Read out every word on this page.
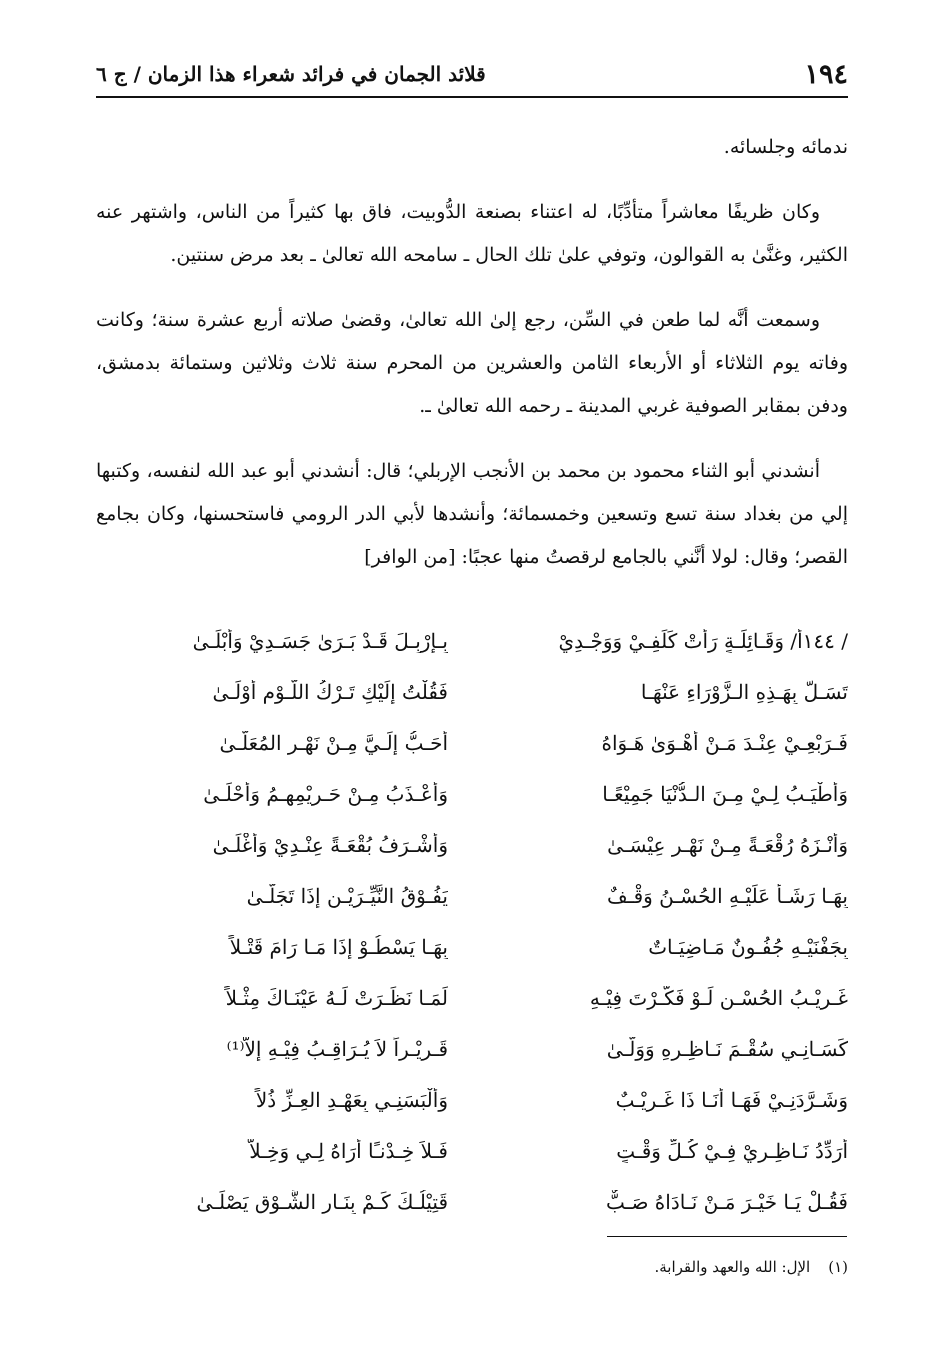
١٩٤
قلائد الجمان في فرائد شعراء هذا الزمان / ج ٦

ندمائه وجلسائه.

وكان ظريفًا معاشراً متأدِّبًا، له اعتناء بصنعة الدُّوبيت، فاق بها كثيراً من الناس، واشتهر عنه الكثير، وغنَّىٰ به القوالون، وتوفي علىٰ تلك الحال ـ سامحه الله تعالىٰ ـ بعد مرض سنتين.

وسمعت أنَّه لما طعن في السِّن، رجع إلىٰ الله تعالىٰ، وقضىٰ صلاته أربع عشرة سنة؛ وكانت وفاته يوم الثلاثاء أو الأربعاء الثامن والعشرين من المحرم سنة ثلاث وثلاثين وستمائة بدمشق، ودفن بمقابر الصوفية غربي المدينة ـ رحمه الله تعالىٰ ـ.

أنشدني أبو الثناء محمود بن محمد بن الأنجب الإربلي؛ قال: أنشدني أبو عبد الله لنفسه، وكتبها إلي من بغداد سنة تسع وتسعين وخمسمائة؛ وأنشدها لأبي الدر الرومي فاستحسنها، وكان بجامع القصر؛ وقال: لولا أنَّني بالجامع لرقصتُ منها عجبًا: [من الوافر]

/ ١٤٤أ/ وَقَـائِلَـةٍ رَأَتْ كَلَفِـيْ وَوَجْـدِيْ
بِـإِرْبِـلَ قَـدْ بَـرَىٰ جَسَـدِيْ وَأَبْلَـىٰ
تَسَـلَّ بِهَـذِهِ الـزَّوْرَاءِ عَنْهَـا
فَقُلْتُ إِلَيْكِ تَـرْكُ اللَّـوْمِ أَوْلَـىٰ
فَـرَبْعِـيْ عِنْـدَ مَـنْ أَهْـوَىٰ هَـوَاهُ
أَحَـبُّ إِلَـيَّ مِـنْ نَهْـرِ المُعَلَّـىٰ
وَأَطْيَـبُ لِـيْ مِـنَ الـدُّنْيَا جَمِيْعًـا
وَأَعْـذَبُ مِـنْ حَـرِيْمِهِـمُ وَأَحْلَـىٰ
وَأَنْـزَهُ رُقْعَـةً مِـنْ نَهْـرِ عِيْسَـىٰ
وَأَشْـرَفُ بُقْعَـةً عِنْـدِيْ وَأَغْلَـىٰ
بِهَـا رَشَـأٌ عَلَيْـهِ الحُسْـنُ وَقْـفٌ
يَفُـوْقُ النَّيِّـرَيْـنِ إِذَا تَجَلَّـىٰ
بِجَفْنَيْـهِ جُفُـونٌ مَـاضِيَـاتٌ
بِهَـا يَسْطُـوْ إِذَا مَـا رَامَ قَتْـلاً
غَـرِيْـبُ الحُسْـنِ لَـوْ فَكَّـرْتَ فِيْـهِ
لَمَـا نَظَـرَتْ لَـهُ عَيْنَـاكَ مِثْـلاً
كَسَـانِـي سُقْـمَ نَـاظِـرِهِ وَوَلَّـىٰ
قَـرِيْـراً لاَ يُـرَاقِـبُ فِيْـهِ إِلاًّ⁽¹⁾
وَشَـرَّدَنِـيْ فَهَـا أَنَـا ذَا غَـرِيْـبٌ
وَأَلْبَسَنِـي بِعَهْـدِ العِـزِّ ذُلاً
أُرَدِّدُ نَـاظِـرِيْ فِـيْ كُـلِّ وَقْـتٍ
فَـلاَ خِـدْنـًا أَرَاهُ لِـي وَخِـلاّ
فَقُـلْ يَـا خَيْـرَ مَـنْ نَـادَاهُ صَـبٌّ
قَتِيْلُـكَ كَـمْ بِنَـارِ الشَّـوْقِ يَصْلَـىٰ
(١)
الإل: الله والعهد والقرابة.
